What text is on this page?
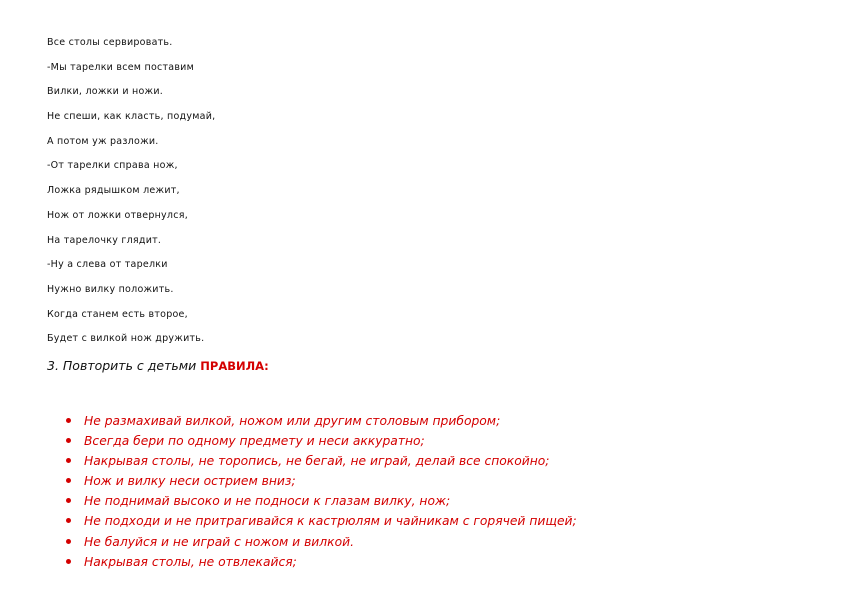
Все столы сервировать.
-Мы тарелки всем поставим
Вилки, ложки и ножи.
Не спеши, как класть, подумай,
А потом уж разложи.
-От тарелки справа нож,
Ложка рядышком лежит,
Нож от ложки отвернулся,
На тарелочку глядит.
-Ну а слева от тарелки
Нужно вилку положить.
Когда станем есть второе,
Будет с вилкой нож дружить.
3. Повторить с детьми ПРАВИЛА:
Не размахивай вилкой, ножом или другим столовым прибором;
Всегда бери по одному предмету и неси аккуратно;
Накрывая столы, не торопись, не бегай, не играй, делай все спокойно;
Нож и вилку неси острием вниз;
Не поднимай высоко и не подноси к глазам вилку, нож;
Не подходи и не притрагивайся к кастрюлям и чайникам с горячей пищей;
Не балуйся и не играй с ножом и вилкой.
Накрывая столы, не отвлекайся;
